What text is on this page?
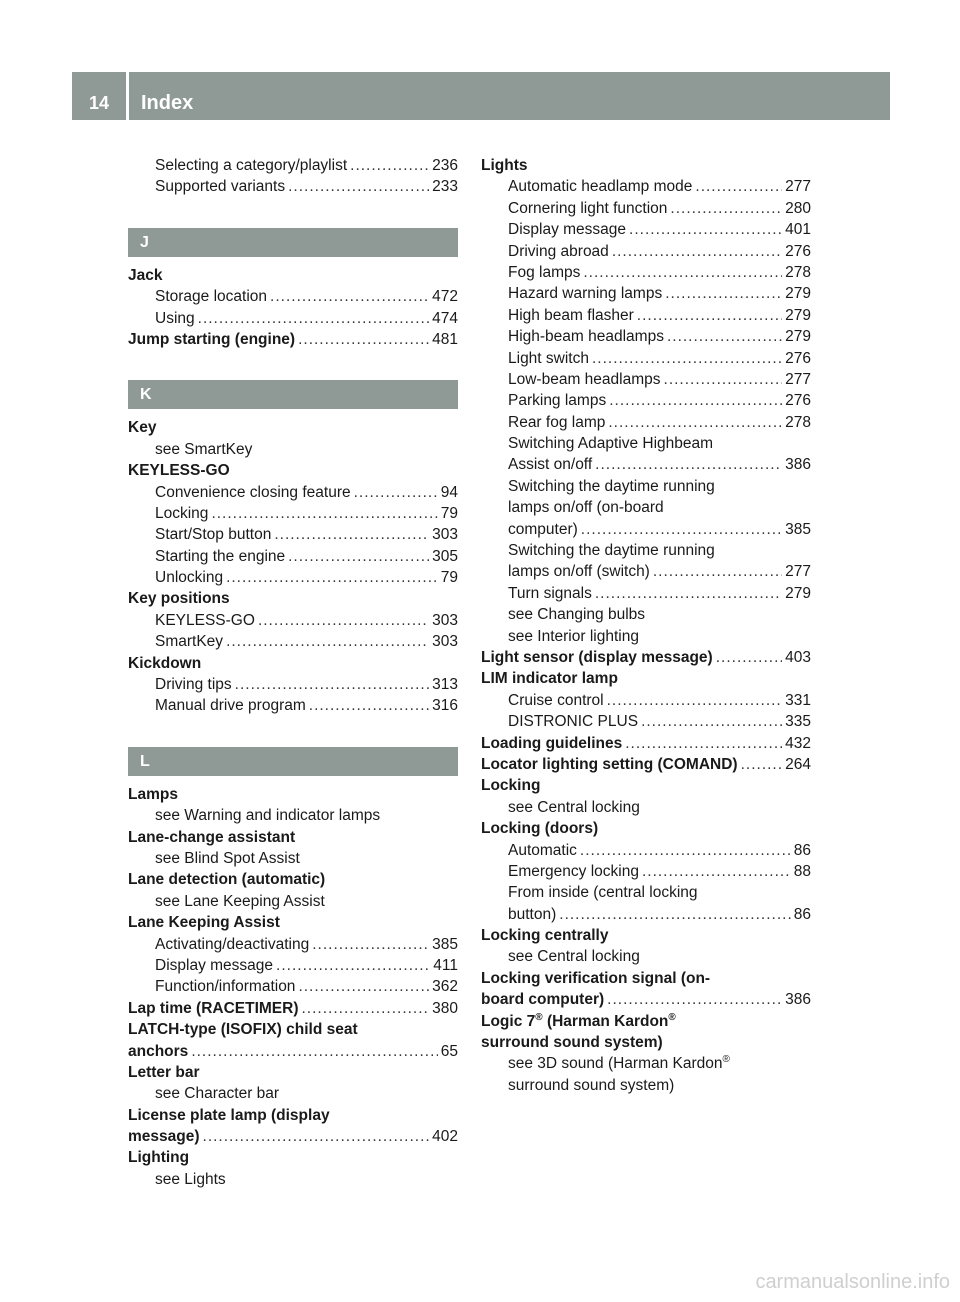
14	Index
Selecting a category/playlist .....	236
Supported variants .....	233
J
Jack
Storage location .....	472
Using .....	474
Jump starting (engine) .....	481
K
Key
see SmartKey
KEYLESS-GO
Convenience closing feature .....	94
Locking .....	79
Start/Stop button .....	303
Starting the engine .....	305
Unlocking .....	79
Key positions
KEYLESS-GO .....	303
SmartKey .....	303
Kickdown
Driving tips .....	313
Manual drive program .....	316
L
Lamps
see Warning and indicator lamps
Lane-change assistant
see Blind Spot Assist
Lane detection (automatic)
see Lane Keeping Assist
Lane Keeping Assist
Activating/deactivating .....	385
Display message .....	411
Function/information .....	362
Lap time (RACETIMER) .....	380
LATCH-type (ISOFIX) child seat
anchors .....	65
Letter bar
see Character bar
License plate lamp (display
message) .....	402
Lighting
see Lights
Lights
Automatic headlamp mode .....	277
Cornering light function .....	280
Display message .....	401
Driving abroad .....	276
Fog lamps .....	278
Hazard warning lamps .....	279
High beam flasher .....	279
High-beam headlamps .....	279
Light switch .....	276
Low-beam headlamps .....	277
Parking lamps .....	276
Rear fog lamp .....	278
Switching Adaptive Highbeam
Assist on/off .....	386
Switching the daytime running
lamps on/off (on-board
computer) .....	385
Switching the daytime running
lamps on/off (switch) .....	277
Turn signals .....	279
see Changing bulbs
see Interior lighting
Light sensor (display message) .....	403
LIM indicator lamp
Cruise control .....	331
DISTRONIC PLUS .....	335
Loading guidelines .....	432
Locator lighting setting (COMAND) .....	264
Locking
see Central locking
Locking (doors)
Automatic .....	86
Emergency locking .....	88
From inside (central locking
button) .....	86
Locking centrally
see Central locking
Locking verification signal (on-
board computer) .....	386
Logic 7® (Harman Kardon®
surround sound system)
see 3D sound (Harman Kardon®
surround sound system)
carmanualsonline.info
